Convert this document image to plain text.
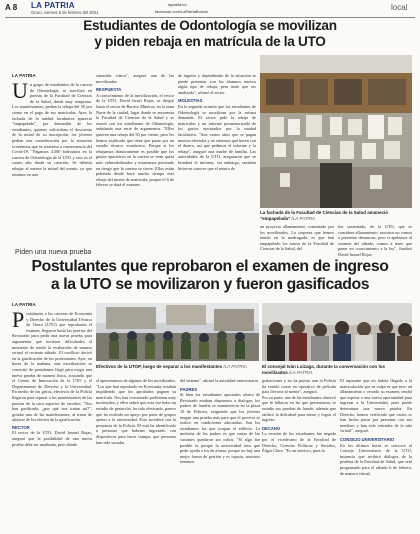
A 8 LA PATRIA
Oruro, viernes 5 de febrero del 2021
lapatria.bo
facebook.com/LaPatriaBolivia	local
Estudiantes de Odontología se movilizan
y piden rebaja en matrícula de la UTO
LA PATRIA
Un grupo de estudiantes de la carrera de Odontología, se movilizó en puertas de la Facultad de Ciencias de la Salud, desde muy temprano. Los manifestantes, pedían la rebaja del 50 por ciento en el pago de sus matrículas. Ayer, la fachada de la unidad facultativa apareció "empapelada", por demandas de los estudiantes, quienes solicitaban el descuento de la mitad de su inscripción, los jóvenes pedían una consideración por la situación económica que se atraviesa a consecuencia del Covid-19. "Pagamos 4.500 bolivianos en la carrera de Odontología de la UTO y esto es el cuarto año desde su creación. Se debería rebajar al menos la mitad del monto, ya que estamos en una

situación crítica", aseguró una de las movilizadas.

RESPUESTA

A conocimiento de la movilización, el rector de la UTO, David Israel Rojas, se dirigió hasta el sector de Barrios Mineros, en la zona Norte de la ciudad, lugar donde se encuentra la Facultad de Ciencias de la Salud y se reunió con los estudiantes de Odontología, señalando una serie de argumentos. "Ellos quieren una rebaja del 50 por ciento, pero les hemos explicado que tiene que pasar por un estudio técnico económico. Porque si les rebajamos drásticamente es posible que los gastos operativos en la carrera se vean quizá más vulnerabilizados y estaríamos poniendo en riesgo que la carrera se cierre. Ellos están pidiendo desde hace mucho tiempo esta rebaja del monto de matrícula, porque el 6 de febrero se dará el examen

de ingreso y dependiendo de la situación se puede presentar con los alumnos nuevos algún tipo de rebaja, pero tiene que ser analizado", afirmó el rector.

MOLESTIAS

En la segunda ocasión que los estudiantes de Odontología se movilizan por la misma demanda. El sector pide la rebaja de matrículas y un informe pormenorizado de los gastos ejecutados por la unidad facultativa. "Son varios años que se pagan montos elevados y no sabemos qué hacen con el dinero, así que pedimos el informe y la rebaja", aseguró una madre de familia. Las autoridades de la UTO, aseguraron que se brindará el informe, sin embargo, también hicieron conocer que el monto de

La fachada de la Facultad de Ciencias de la Salud amaneció "empapelada" /LA PATRIA
un proyecto allanamiento, comentado por los movilizados. Lo sorpresa que hemos tenido en la madrugada, es que han empapelado los muros de la Facultad de Ciencias de la Salud, del
fue sustentado, de la UTO, que se considera allanamiento, nosotros no vamos a presentar denuncias, pero si apelamos al examen del sábado, vamos a tener que poner en conocimiento a la ley", finalizó David Ismael Rojas.
Piden una nueva prueba
Postulantes que reprobaron el examen de ingreso
a la UTO se movilizaron y fueron gasificados
LA PATRIA
Postulantes a las carreras de Economía y Derecho de la Universidad Técnica de Oruro (UTO) que reprobaron el examen, llegaron hasta las puertas del Rectorado para pedir una nueva prueba para argumentar que tuvieron dificultades al momento de rendir la evaluación de manera virtual el reciente sábado. El conflicto derivó en la gasificación de los protestantes. Ayer, en horas de la mañana, una movilización se convirtió de postulantes llegó para exigir una nueva prueba de manera física, acusando que el Centro de Innovación de la UTO y el Departamento de Derecho y la Universidad. En medio de los gritos, efectivos de la Policía llegaron para separar a los manifestantes de las puertas de la casa superior de estudios. "Nos han gasificado, ¿por qué nos tratan así?", gritaba una de las manifestantes, al tratar de alejarse de los efectos de la gasificación.

RECTOR

El rector de la UTO, David Ismael Rojas, aseguró que la posibilidad de una nueva prueba debe ser analizada, pero dónde

Efectivos de la UTOP, luego de separar a los manifestantes /LA PATRIA	El concejal Iván Luizaga, durante la conversación con los movilizados /LA PATRIA
el apersonamos de algunos de los movilizados. "Los que han reprobado en Economía, estaban impidiendo que los aprobados paguen su matrícula. Nos han ocasionado problemas muy incómodos, y ellos saben que esta vez hubo un estudio de gestación, ha sido efectuado, parece que ha recibido un apoyo por parte de grupos ajenos a la universidad. Esto sucederá con la presencia de la Policía. El está ha identificado a personas que habrían ingresado con dispositivos para hacer trampa, que personas han sido sacadas

del sistema", afirmó la autoridad universitaria.

PADRES

Si bien los estudiantes apostados afuera de Rectorado estaban dispuestos a dialogar, los padres de familia se mantuvieron en la plaza 10 de Febrero, exigiendo que los jóvenes tengan una prueba más para que el proceso se realice en condiciones adecuadas. Son los estudiantes los que ocupan el edificio. La molestia de los padres es que varias de las vacantes quedaron sin cubrir. "Si algo fue posible es porque la universidad tuvo que pedir ayuda a los de afuera, porque no hay una mejor forma de gestión y es injusto, nosotros tenemos

grabaciones y no ha puesto aun la Policía ha venido como en operativo de película para llevarse al menor", aseguró.

Por su parte, una de las estudiantes observó que le fallaron en las que presentaron, se estudio sus pruebas de fraude, además que ratificó la dificultad para entrar y lograr el ingreso.

DECANO

La versión de los estudiantes fue negada por el vicedecano de la Facultad de Derecho, Ciencias Políticas y Sociales, Édgar Chire. "Es un servicio, pues la

El aspirante que no habría llegado a la matriculación por su culpa es que tuvo un allanamiento o cerrado su examen, tendrá que esperar a una nueva oportunidad para ingresar a la Universidad, pues puede determinar una nueva prueba. En Derecho, hemos verificado que varios se han hecho pasar por personas con sus nombres y han sido retirados de la sala virtual", aseguró.

CONSEJO UNIVERSITARIO

En los últimos horas se convocó al Consejo Universitario de la UTO, instancia que recibirá diálogos de la pruebas de la Facultad de Salud, que será programado para el sábado 6 de febrero, de manera virtual.
